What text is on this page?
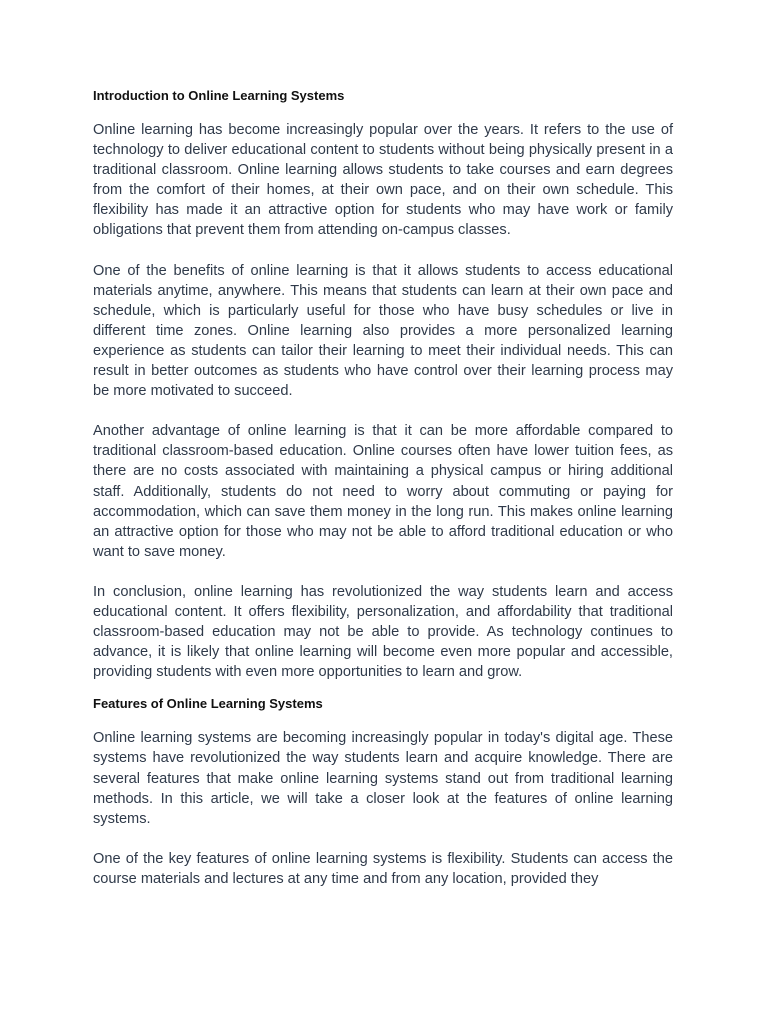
Introduction to Online Learning Systems

Online learning has become increasingly popular over the years. It refers to the use of technology to deliver educational content to students without being physically present in a traditional classroom. Online learning allows students to take courses and earn degrees from the comfort of their homes, at their own pace, and on their own schedule. This flexibility has made it an attractive option for students who may have work or family obligations that prevent them from attending on-campus classes.

One of the benefits of online learning is that it allows students to access educational materials anytime, anywhere. This means that students can learn at their own pace and schedule, which is particularly useful for those who have busy schedules or live in different time zones. Online learning also provides a more personalized learning experience as students can tailor their learning to meet their individual needs. This can result in better outcomes as students who have control over their learning process may be more motivated to succeed.

Another advantage of online learning is that it can be more affordable compared to traditional classroom-based education. Online courses often have lower tuition fees, as there are no costs associated with maintaining a physical campus or hiring additional staff. Additionally, students do not need to worry about commuting or paying for accommodation, which can save them money in the long run. This makes online learning an attractive option for those who may not be able to afford traditional education or who want to save money.

In conclusion, online learning has revolutionized the way students learn and access educational content. It offers flexibility, personalization, and affordability that traditional classroom-based education may not be able to provide. As technology continues to advance, it is likely that online learning will become even more popular and accessible, providing students with even more opportunities to learn and grow.

Features of Online Learning Systems

Online learning systems are becoming increasingly popular in today's digital age. These systems have revolutionized the way students learn and acquire knowledge. There are several features that make online learning systems stand out from traditional learning methods. In this article, we will take a closer look at the features of online learning systems.

One of the key features of online learning systems is flexibility. Students can access the course materials and lectures at any time and from any location, provided they
